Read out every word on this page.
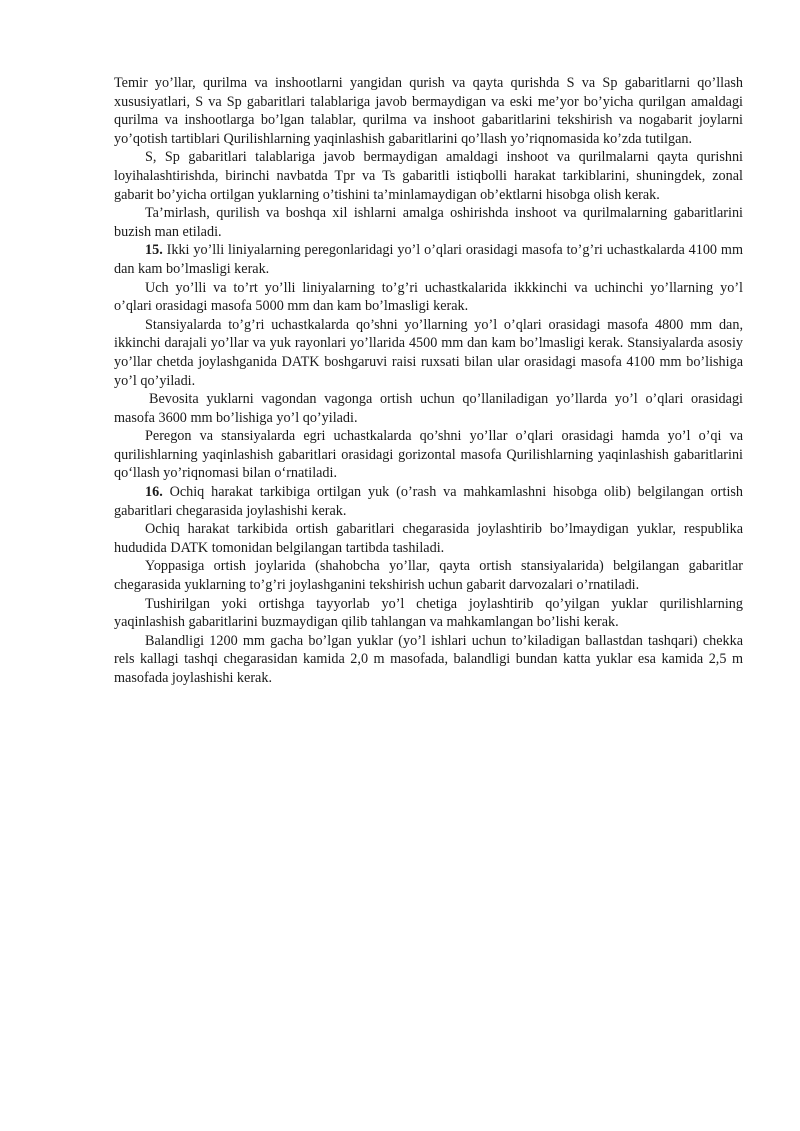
Temir yo’llar, qurilma va inshootlarni yangidan qurish va qayta qurishda S va Sp gabaritlarni qo’llash xususiyatlari, S va Sp gabaritlari talablariga javob bermaydigan va eski me’yor bo’yicha qurilgan amaldagi qurilma va inshootlarga bo’lgan talablar, qurilma va inshoot gabaritlarini tekshirish va nogabarit joylarni yo’qotish tartiblari Qurilishlarning yaqinlashish gabaritlarini qo’llash yo’riqnomasida ko’zda tutilgan.

S, Sp gabaritlari talablariga javob bermaydigan amaldagi inshoot va qurilmalarni qayta qurishni loyihalashtirishda, birinchi navbatda Tpr va Ts gabaritli istiqbolli harakat tarkiblarini, shuningdek, zonal gabarit bo’yicha ortilgan yuklarning o’tishini ta’minlamaydigan ob’ektlarni hisobga olish kerak.

Ta’mirlash, qurilish va boshqa xil ishlarni amalga oshirishda inshoot va qurilmalarning gabaritlarini buzish man etiladi.

15. Ikki yo’lli liniyalarning peregonlaridagi yo’l o’qlari orasidagi masofa to’g’ri uchastkalarda 4100 mm dan kam bo’lmasligi kerak.

Uch yo’lli va to’rt yo’lli liniyalarning to’g’ri uchastkalarida ikkkinchi va uchinchi yo’llarning yo’l o’qlari orasidagi masofa 5000 mm dan kam bo’lmasligi kerak.

Stansiyalarda to’g’ri uchastkalarda qo’shni yo’llarning yo’l o’qlari orasidagi masofa 4800 mm dan, ikkinchi darajali yo’llar va yuk rayonlari yo’llarida 4500 mm dan kam bo’lmasligi kerak. Stansiyalarda asosiy yo’llar chetda joylashganida DATK boshgaruvi raisi ruxsati bilan ular orasidagi masofa 4100 mm bo’lishiga yo’l qo’yiladi.

Bevosita yuklarni vagondan vagonga ortish uchun qo’llaniladigan yo’llarda yo’l o’qlari orasidagi masofa 3600 mm bo’lishiga yo’l qo’yiladi.

Peregon va stansiyalarda egri uchastkalarda qo’shni yo’llar o’qlari orasidagi hamda yo’l o’qi va qurilishlarning yaqinlashish gabaritlari orasidagi gorizontal masofa Qurilishlarning yaqinlashish gabaritlarini qo‘llash yo’riqnomasi bilan o‘rnatiladi.

16. Ochiq harakat tarkibiga ortilgan yuk (o’rash va mahkamlashni hisobga olib) belgilangan ortish gabaritlari chegarasida joylashishi kerak.

Ochiq harakat tarkibida ortish gabaritlari chegarasida joylashtirib bo’lmaydigan yuklar, respublika hududida DATK tomonidan belgilangan tartibda tashiladi.

Yoppasiga ortish joylarida (shahobcha yo’llar, qayta ortish stansiyalarida) belgilangan gabaritlar chegarasida yuklarning to’g’ri joylashganini tekshirish uchun gabarit darvozalari o’rnatiladi.

Tushirilgan yoki ortishga tayyorlab yo’l chetiga joylashtirib qo’yilgan yuklar qurilishlarning yaqinlashish gabaritlarini buzmaydigan qilib tahlangan va mahkamlangan bo’lishi kerak.

Balandligi 1200 mm gacha bo’lgan yuklar (yo’l ishlari uchun to’kiladigan ballastdan tashqari) chekka rels kallagi tashqi chegarasidan kamida 2,0 m masofada, balandligi bundan katta yuklar esa kamida 2,5 m masofada joylashishi kerak.
